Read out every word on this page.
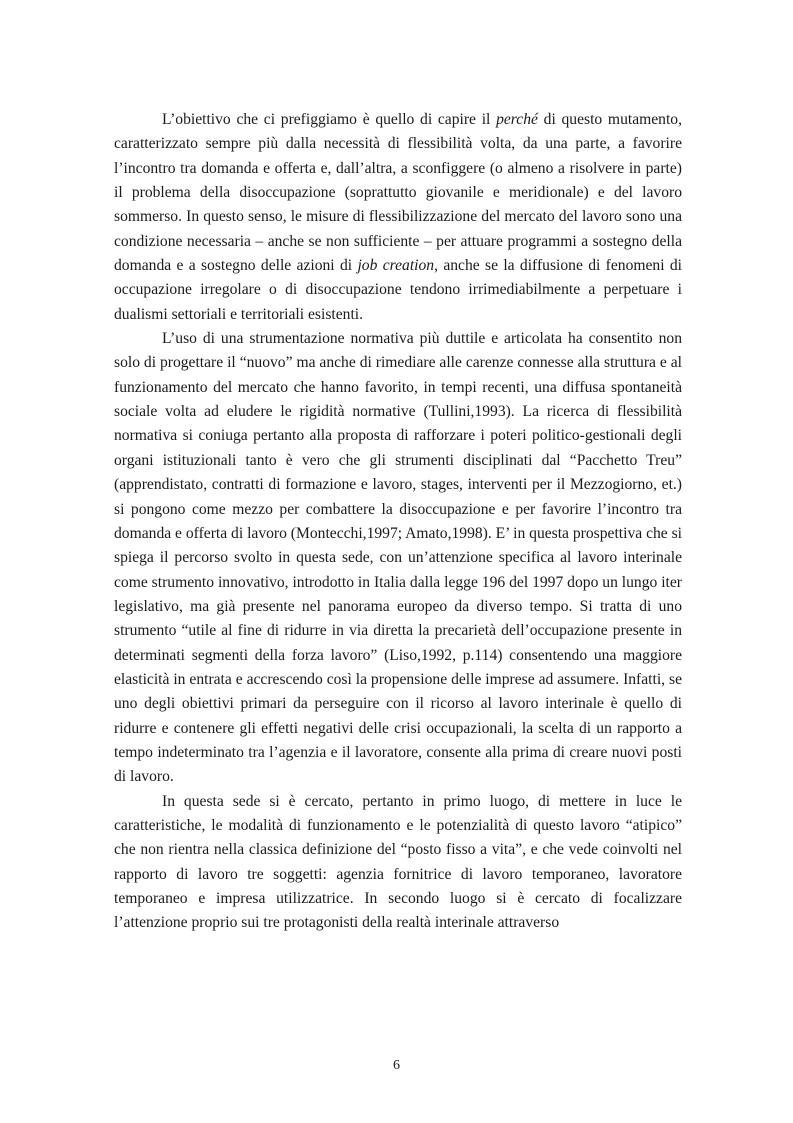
L’obiettivo che ci prefiggiamo è quello di capire il perché di questo mutamento, caratterizzato sempre più dalla necessità di flessibilità volta, da una parte, a favorire l’incontro tra domanda e offerta e, dall’altra, a sconfiggere (o almeno a risolvere in parte) il problema della disoccupazione (soprattutto giovanile e meridionale) e del lavoro sommerso. In questo senso, le misure di flessibilizzazione del mercato del lavoro sono una condizione necessaria – anche se non sufficiente – per attuare programmi a sostegno della domanda e a sostegno delle azioni di job creation, anche se la diffusione di fenomeni di occupazione irregolare o di disoccupazione tendono irrimediabilmente a perpetuare i dualismi settoriali e territoriali esistenti.

L’uso di una strumentazione normativa più duttile e articolata ha consentito non solo di progettare il “nuovo” ma anche di rimediare alle carenze connesse alla struttura e al funzionamento del mercato che hanno favorito, in tempi recenti, una diffusa spontaneità sociale volta ad eludere le rigidità normative (Tullini,1993). La ricerca di flessibilità normativa si coniuga pertanto alla proposta di rafforzare i poteri politico-gestionali degli organi istituzionali tanto è vero che gli strumenti disciplinati dal “Pacchetto Treu” (apprendistato, contratti di formazione e lavoro, stages, interventi per il Mezzogiorno, et.) si pongono come mezzo per combattere la disoccupazione e per favorire l’incontro tra domanda e offerta di lavoro (Montecchi,1997; Amato,1998). E’ in questa prospettiva che si spiega il percorso svolto in questa sede, con un’attenzione specifica al lavoro interinale come strumento innovativo, introdotto in Italia dalla legge 196 del 1997 dopo un lungo iter legislativo, ma già presente nel panorama europeo da diverso tempo. Si tratta di uno strumento “utile al fine di ridurre in via diretta la precarietà dell’occupazione presente in determinati segmenti della forza lavoro” (Liso,1992, p.114) consentendo una maggiore elasticità in entrata e accrescendo così la propensione delle imprese ad assumere. Infatti, se uno degli obiettivi primari da perseguire con il ricorso al lavoro interinale è quello di ridurre e contenere gli effetti negativi delle crisi occupazionali, la scelta di un rapporto a tempo indeterminato tra l’agenzia e il lavoratore, consente alla prima di creare nuovi posti di lavoro.

In questa sede si è cercato, pertanto in primo luogo, di mettere in luce le caratteristiche, le modalità di funzionamento e le potenzialità di questo lavoro “atipico” che non rientra nella classica definizione del “posto fisso a vita”, e che vede coinvolti nel rapporto di lavoro tre soggetti: agenzia fornitrice di lavoro temporaneo, lavoratore temporaneo e impresa utilizzatrice. In secondo luogo si è cercato di focalizzare l’attenzione proprio sui tre protagonisti della realtà interinale attraverso

6
